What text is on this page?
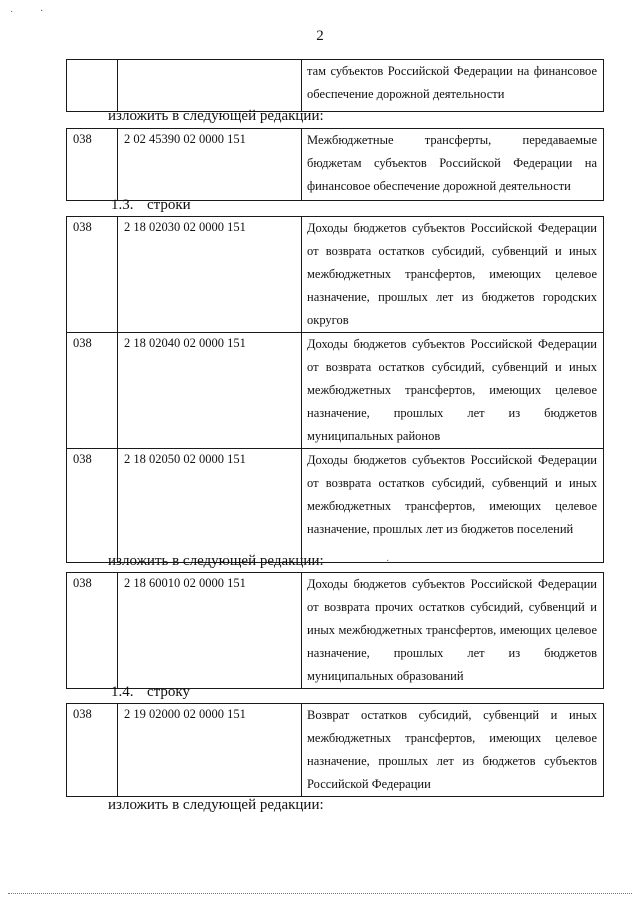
˙	·
2
		там субъектов Российской Федерации на финансовое обеспечение дорожной деятельности
изложить в следующей редакции:
038	2 02 45390 02 0000 151	Межбюджетные трансферты, передаваемые бюджетам субъектов Российской Федерации на финансовое обеспечение дорожной деятельности
1.3. строки
038	2 18 02030 02 0000 151	Доходы бюджетов субъектов Российской Федерации от возврата остатков субсидий, субвенций и иных межбюджетных трансфертов, имеющих целевое назначение, прошлых лет из бюджетов городских округов
038	2 18 02040 02 0000 151	Доходы бюджетов субъектов Российской Федерации от возврата остатков субсидий, субвенций и иных межбюджетных трансфертов, имеющих целевое назначение, прошлых лет из бюджетов муниципальных районов
038	2 18 02050 02 0000 151	Доходы бюджетов субъектов Российской Федерации от возврата остатков субсидий, субвенций и иных межбюджетных трансфертов, имеющих целевое назначение, прошлых лет из бюджетов поселений
изложить в следующей редакции:	·
038	2 18 60010 02 0000 151	Доходы бюджетов субъектов Российской Федерации от возврата прочих остатков субсидий, субвенций и иных межбюджетных трансфертов, имеющих целевое назначение, прошлых лет из бюджетов муниципальных образований
1.4. строку
038	2 19 02000 02 0000 151	Возврат остатков субсидий, субвенций и иных межбюджетных трансфертов, имеющих целевое назначение, прошлых лет из бюджетов субъектов Российской Федерации
изложить в следующей редакции:
